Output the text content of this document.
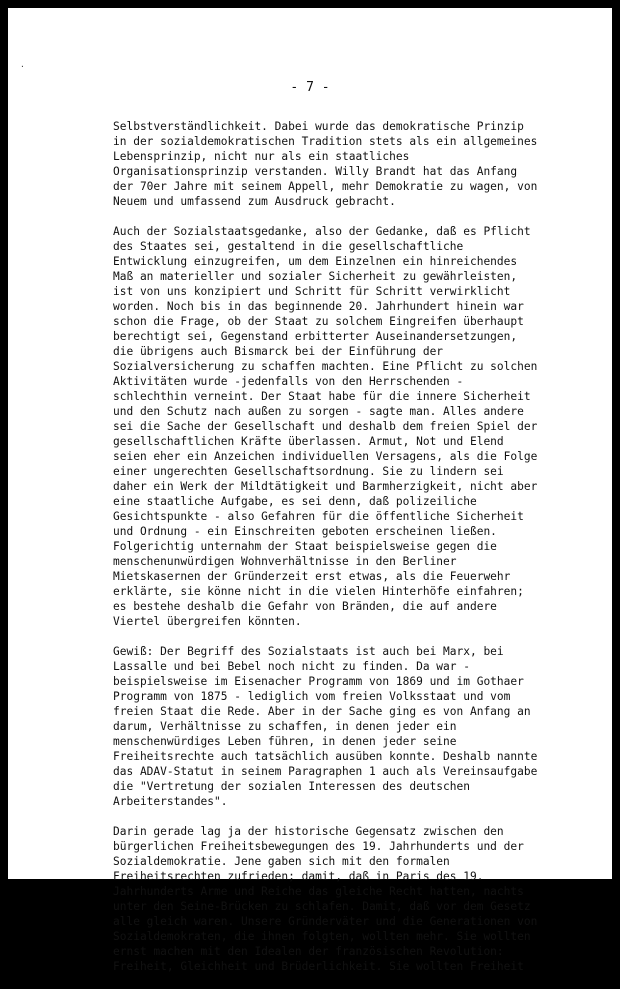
·
- 7 -
Selbstverständlichkeit. Dabei wurde das demokratische Prinzip
in der sozialdemokratischen Tradition stets als ein allgemeines
Lebensprinzip, nicht nur als ein staatliches
Organisationsprinzip verstanden. Willy Brandt hat das Anfang
der 70er Jahre mit seinem Appell, mehr Demokratie zu wagen, von
Neuem und umfassend zum Ausdruck gebracht.
Auch der Sozialstaatsgedanke, also der Gedanke, daß es Pflicht
des Staates sei, gestaltend in die gesellschaftliche
Entwicklung einzugreifen, um dem Einzelnen ein hinreichendes
Maß an materieller und sozialer Sicherheit zu gewährleisten,
ist von uns konzipiert und Schritt für Schritt verwirklicht
worden. Noch bis in das beginnende 20. Jahrhundert hinein war
schon die Frage, ob der Staat zu solchem Eingreifen überhaupt
berechtigt sei, Gegenstand erbitterter Auseinandersetzungen,
die übrigens auch Bismarck bei der Einführung der
Sozialversicherung zu schaffen machten. Eine Pflicht zu solchen
Aktivitäten wurde -jedenfalls von den Herrschenden -
schlechthin verneint. Der Staat habe für die innere Sicherheit
und den Schutz nach außen zu sorgen - sagte man. Alles andere
sei die Sache der Gesellschaft und deshalb dem freien Spiel der
gesellschaftlichen Kräfte überlassen. Armut, Not und Elend
seien eher ein Anzeichen individuellen Versagens, als die Folge
einer ungerechten Gesellschaftsordnung. Sie zu lindern sei
daher ein Werk der Mildtätigkeit und Barmherzigkeit, nicht aber
eine staatliche Aufgabe, es sei denn, daß polizeiliche
Gesichtspunkte - also Gefahren für die öffentliche Sicherheit
und Ordnung - ein Einschreiten geboten erscheinen ließen.
Folgerichtig unternahm der Staat beispielsweise gegen die
menschenunwürdigen Wohnverhältnisse in den Berliner
Mietskasernen der Gründerzeit erst etwas, als die Feuerwehr
erklärte, sie könne nicht in die vielen Hinterhöfe einfahren;
es bestehe deshalb die Gefahr von Bränden, die auf andere
Viertel übergreifen könnten.
Gewiß: Der Begriff des Sozialstaats ist auch bei Marx, bei
Lassalle und bei Bebel noch nicht zu finden. Da war -
beispielsweise im Eisenacher Programm von 1869 und im Gothaer
Programm von 1875 - lediglich vom freien Volksstaat und vom
freien Staat die Rede. Aber in der Sache ging es von Anfang an
darum, Verhältnisse zu schaffen, in denen jeder ein
menschenwürdiges Leben führen, in denen jeder seine
Freiheitsrechte auch tatsächlich ausüben konnte. Deshalb nannte
das ADAV-Statut in seinem Paragraphen 1 auch als Vereinsaufgabe
die "Vertretung der sozialen Interessen des deutschen
Arbeiterstandes".
Darin gerade lag ja der historische Gegensatz zwischen den
bürgerlichen Freiheitsbewegungen des 19. Jahrhunderts und der
Sozialdemokratie. Jene gaben sich mit den formalen
Freiheitsrechten zufrieden; damit, daß in Paris des 19.
Jahrhunderts Arme und Reiche das gleiche Recht hatten, nachts
unter den Seine-Brücken zu schlafen. Damit, daß vor dem Gesetz
alle gleich waren. Unsere Gründerväter und die Generationen von
Sozialdemokraten, die ihnen folgten, wollten mehr. Sie wollten
ernst machen mit den Idealen der französischen Revolution:
Freiheit, Gleichheit und Brüderlichkeit. Sie wollten Freiheit
